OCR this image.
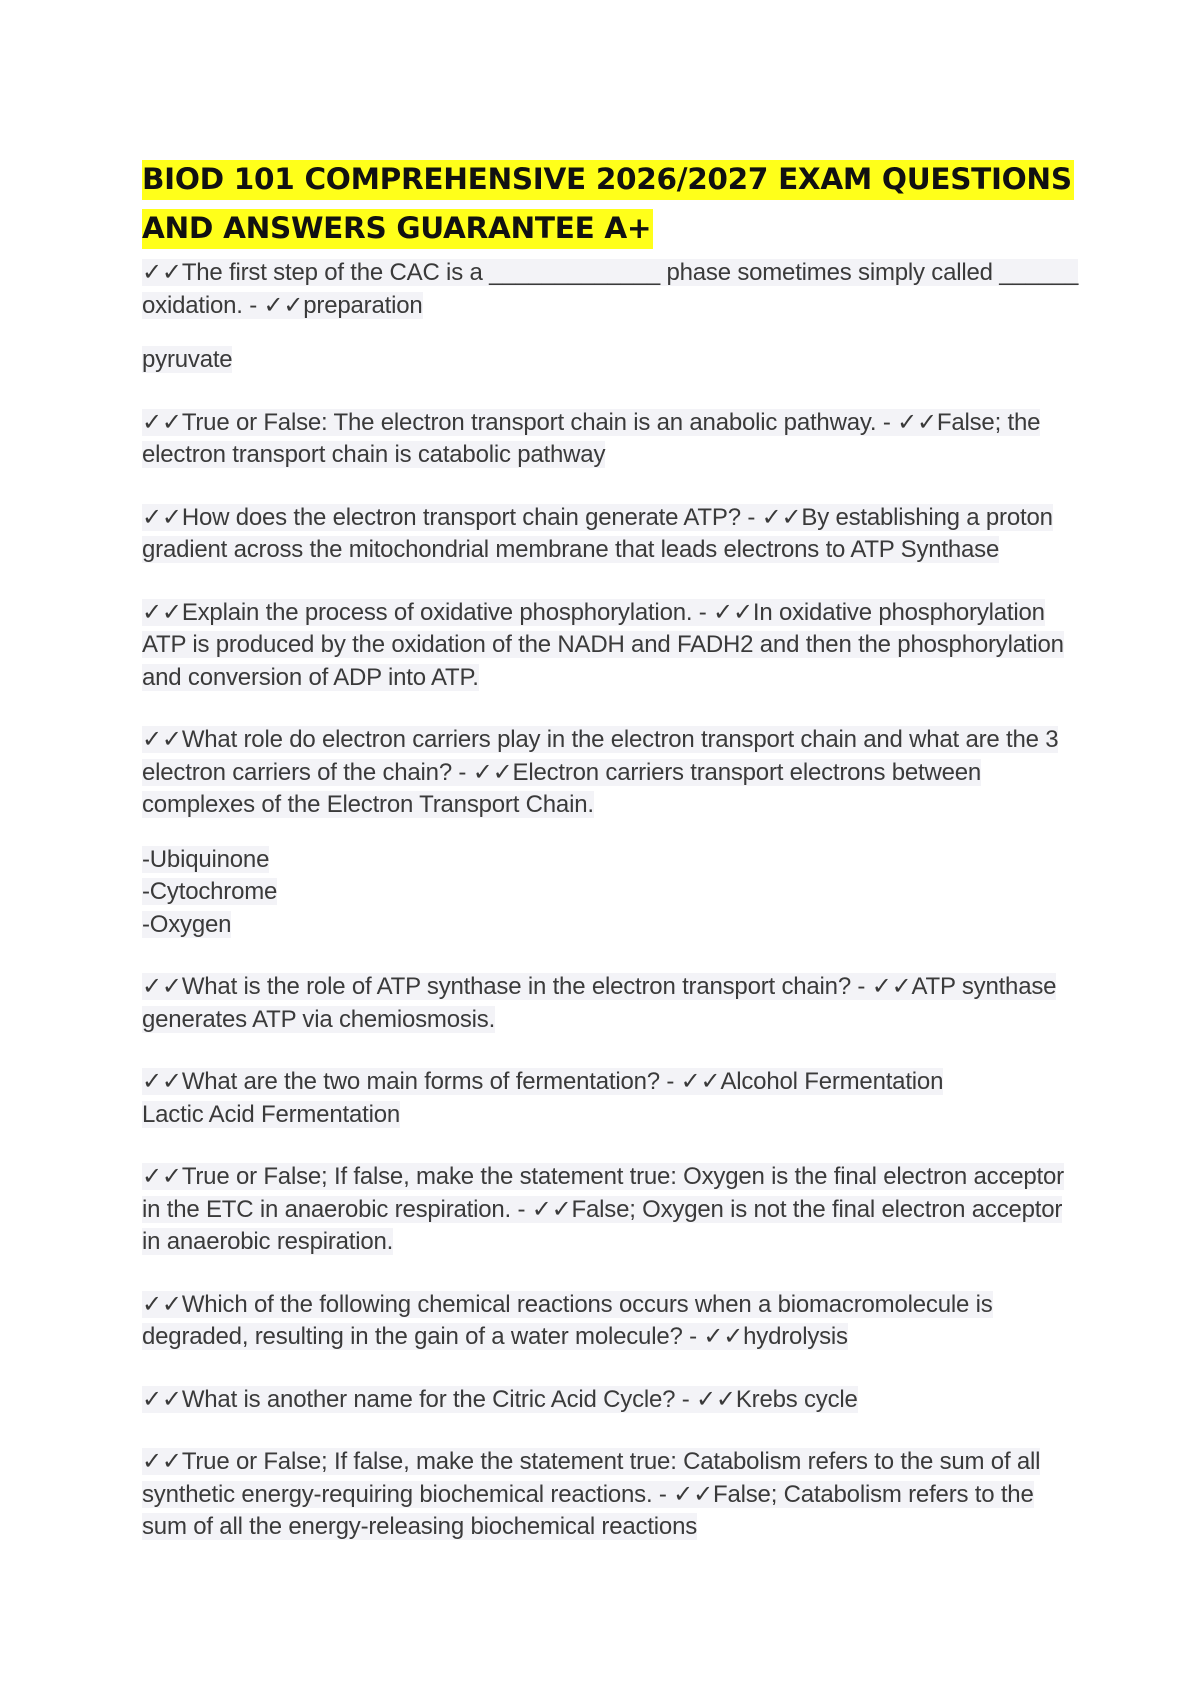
BIOD 101 COMPREHENSIVE 2026/2027 EXAM QUESTIONS AND ANSWERS GUARANTEE A+

✓✓The first step of the CAC is a _____________ phase sometimes simply called ______ oxidation. - ✓✓preparation

pyruvate

✓✓True or False: The electron transport chain is an anabolic pathway. - ✓✓False; the electron transport chain is catabolic pathway

✓✓How does the electron transport chain generate ATP? - ✓✓By establishing a proton gradient across the mitochondrial membrane that leads electrons to ATP Synthase

✓✓Explain the process of oxidative phosphorylation. - ✓✓In oxidative phosphorylation ATP is produced by the oxidation of the NADH and FADH2 and then the phosphorylation and conversion of ADP into ATP.

✓✓What role do electron carriers play in the electron transport chain and what are the 3 electron carriers of the chain? - ✓✓Electron carriers transport electrons between complexes of the Electron Transport Chain.

-Ubiquinone
-Cytochrome
-Oxygen

✓✓What is the role of ATP synthase in the electron transport chain? - ✓✓ATP synthase generates ATP via chemiosmosis.

✓✓What are the two main forms of fermentation? - ✓✓Alcohol Fermentation
Lactic Acid Fermentation

✓✓True or False; If false, make the statement true: Oxygen is the final electron acceptor in the ETC in anaerobic respiration. - ✓✓False; Oxygen is not the final electron acceptor in anaerobic respiration.

✓✓Which of the following chemical reactions occurs when a biomacromolecule is degraded, resulting in the gain of a water molecule? - ✓✓hydrolysis

✓✓What is another name for the Citric Acid Cycle? - ✓✓Krebs cycle

✓✓True or False; If false, make the statement true: Catabolism refers to the sum of all synthetic energy-requiring biochemical reactions. - ✓✓False; Catabolism refers to the sum of all the energy-releasing biochemical reactions
